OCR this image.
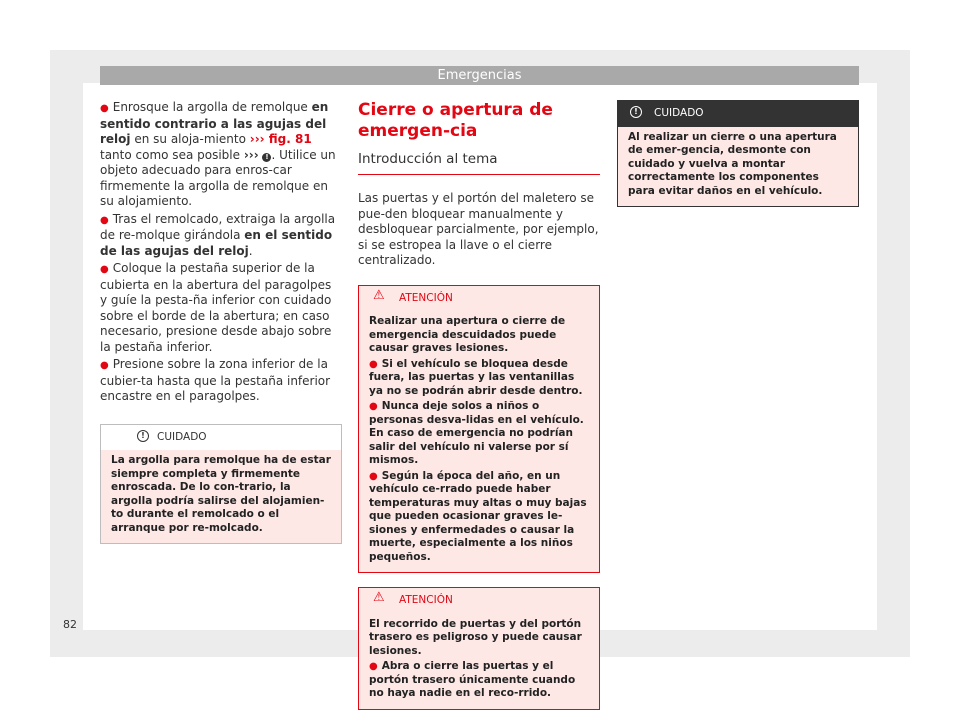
Emergencias

● Enrosque la argolla de remolque en sentido contrario a las agujas del reloj en su aloja-miento ››› fig. 81 tanto como sea posible ››› ! . Utilice un objeto adecuado para enros-car firmemente la argolla de remolque en su alojamiento.

● Tras el remolcado, extraiga la argolla de re-molque girándola en el sentido de las agujas del reloj.

● Coloque la pestaña superior de la cubierta en la abertura del paragolpes y guíe la pesta-ña inferior con cuidado sobre el borde de la abertura; en caso necesario, presione desde abajo sobre la pestaña inferior.

● Presione sobre la zona inferior de la cubier-ta hasta que la pestaña inferior encastre en el paragolpes.

!	CUIDADO

La argolla para remolque ha de estar siempre completa y firmemente enroscada. De lo con-trario, la argolla podría salirse del alojamien-to durante el remolcado o el arranque por re-molcado.

Cierre o apertura de emergen-cia
Introducción al tema

Las puertas y el portón del maletero se pue-den bloquear manualmente y desbloquear parcialmente, por ejemplo, si se estropea la llave o el cierre centralizado.

⚠ ATENCIÓN

Realizar una apertura o cierre de emergencia descuidados puede causar graves lesiones.

● Si el vehículo se bloquea desde fuera, las puertas y las ventanillas ya no se podrán abrir desde dentro.

● Nunca deje solos a niños o personas desva-lidas en el vehículo. En caso de emergencia no podrían salir del vehículo ni valerse por sí mismos.

● Según la época del año, en un vehículo ce-rrado puede haber temperaturas muy altas o muy bajas que pueden ocasionar graves le-siones y enfermedades o causar la muerte, especialmente a los niños pequeños.

⚠ ATENCIÓN

El recorrido de puertas y del portón trasero es peligroso y puede causar lesiones.

● Abra o cierre las puertas y el portón trasero únicamente cuando no haya nadie en el reco-rrido.

!	CUIDADO

Al realizar un cierre o una apertura de emer-gencia, desmonte con cuidado y vuelva a montar correctamente los componentes para evitar daños en el vehículo.

82
